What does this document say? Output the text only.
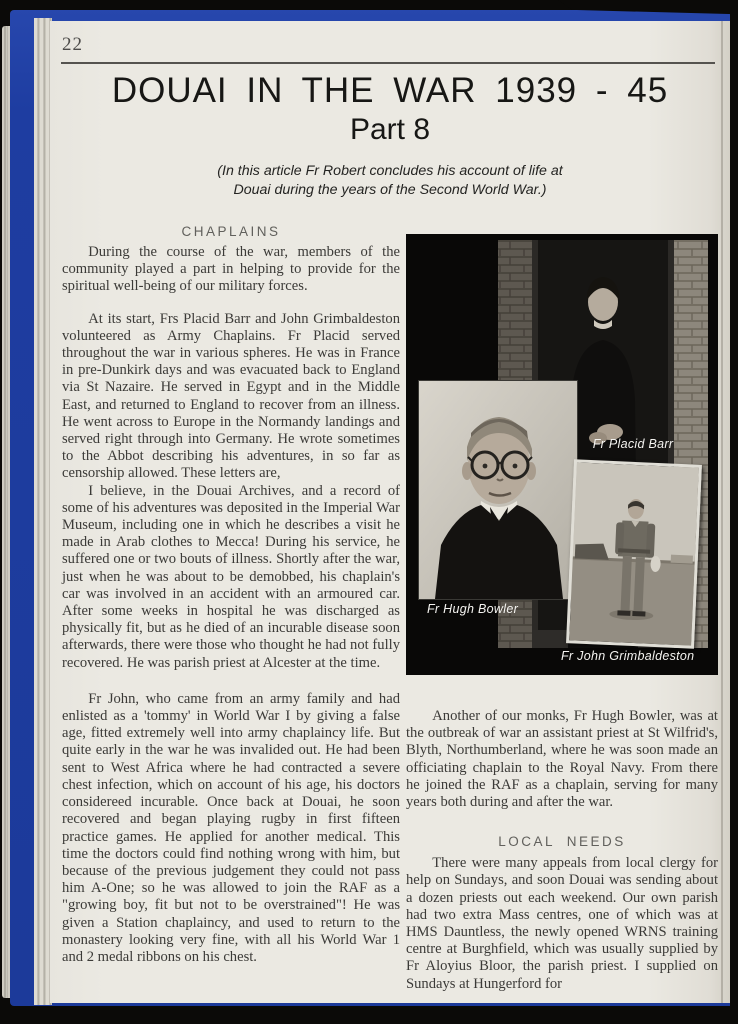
22
DOUAI IN THE WAR 1939 - 45
Part 8
(In this article Fr Robert concludes his account of life at
Douai during the years of the Second World War.)
CHAPLAINS

During the course of the war, members of the community played a part in helping to provide for the spiritual well-being of our military forces.

At its start, Frs Placid Barr and John Grimbaldeston volunteered as Army Chaplains. Fr Placid served throughout the war in various spheres. He was in France in pre-Dunkirk days and was evacuated back to England via St Nazaire. He served in Egypt and in the Middle East, and returned to England to recover from an illness. He went across to Europe in the Normandy landings and served right through into Germany. He wrote sometimes to the Abbot describing his adventures, in so far as censorship allowed. These letters are,

I believe, in the Douai Archives, and a record of some of his adventures was deposited in the Imperial War Museum, including one in which he describes a visit he made in Arab clothes to Mecca! During his service, he suffered one or two bouts of illness. Shortly after the war, just when he was about to be demobbed, his chaplain's car was involved in an accident with an armoured car. After some weeks in hospital he was discharged as physically fit, but as he died of an incurable disease soon afterwards, there were those who thought he had not fully recovered. He was parish priest at Alcester at the time.

Fr John, who came from an army family and had enlisted as a 'tommy' in World War I by giving a false age, fitted extremely well into army chaplaincy life. But quite early in the war he was invalided out. He had been sent to West Africa where he had contracted a severe chest infection, which on account of his age, his doctors considereed incurable. Once back at Douai, he soon recovered and began playing rugby in first fifteen practice games. He applied for another medical. This time the doctors could find nothing wrong with him, but because of the previous judgement they could not pass him A-One; so he was allowed to join the RAF as a "growing boy, fit but not to be overstrained"! He was given a Station chaplaincy, and used to return to the monastery looking very fine, with all his World War 1 and 2 medal ribbons on his chest.

Fr Placid Barr
Fr Hugh Bowler
Fr John Grimbaldeston

Another of our monks, Fr Hugh Bowler, was at the outbreak of war an assistant priest at St Wilfrid's, Blyth, Northumberland, where he was soon made an officiating chaplain to the Royal Navy. From there he joined the RAF as a chaplain, serving for many years both during and after the war.

LOCAL NEEDS

There were many appeals from local clergy for help on Sundays, and soon Douai was sending about a dozen priests out each weekend. Our own parish had two extra Mass centres, one of which was at HMS Dauntless, the newly opened WRNS training centre at Burghfield, which was usually supplied by Fr Aloyius Bloor, the parish priest. I supplied on Sundays at Hungerford for
